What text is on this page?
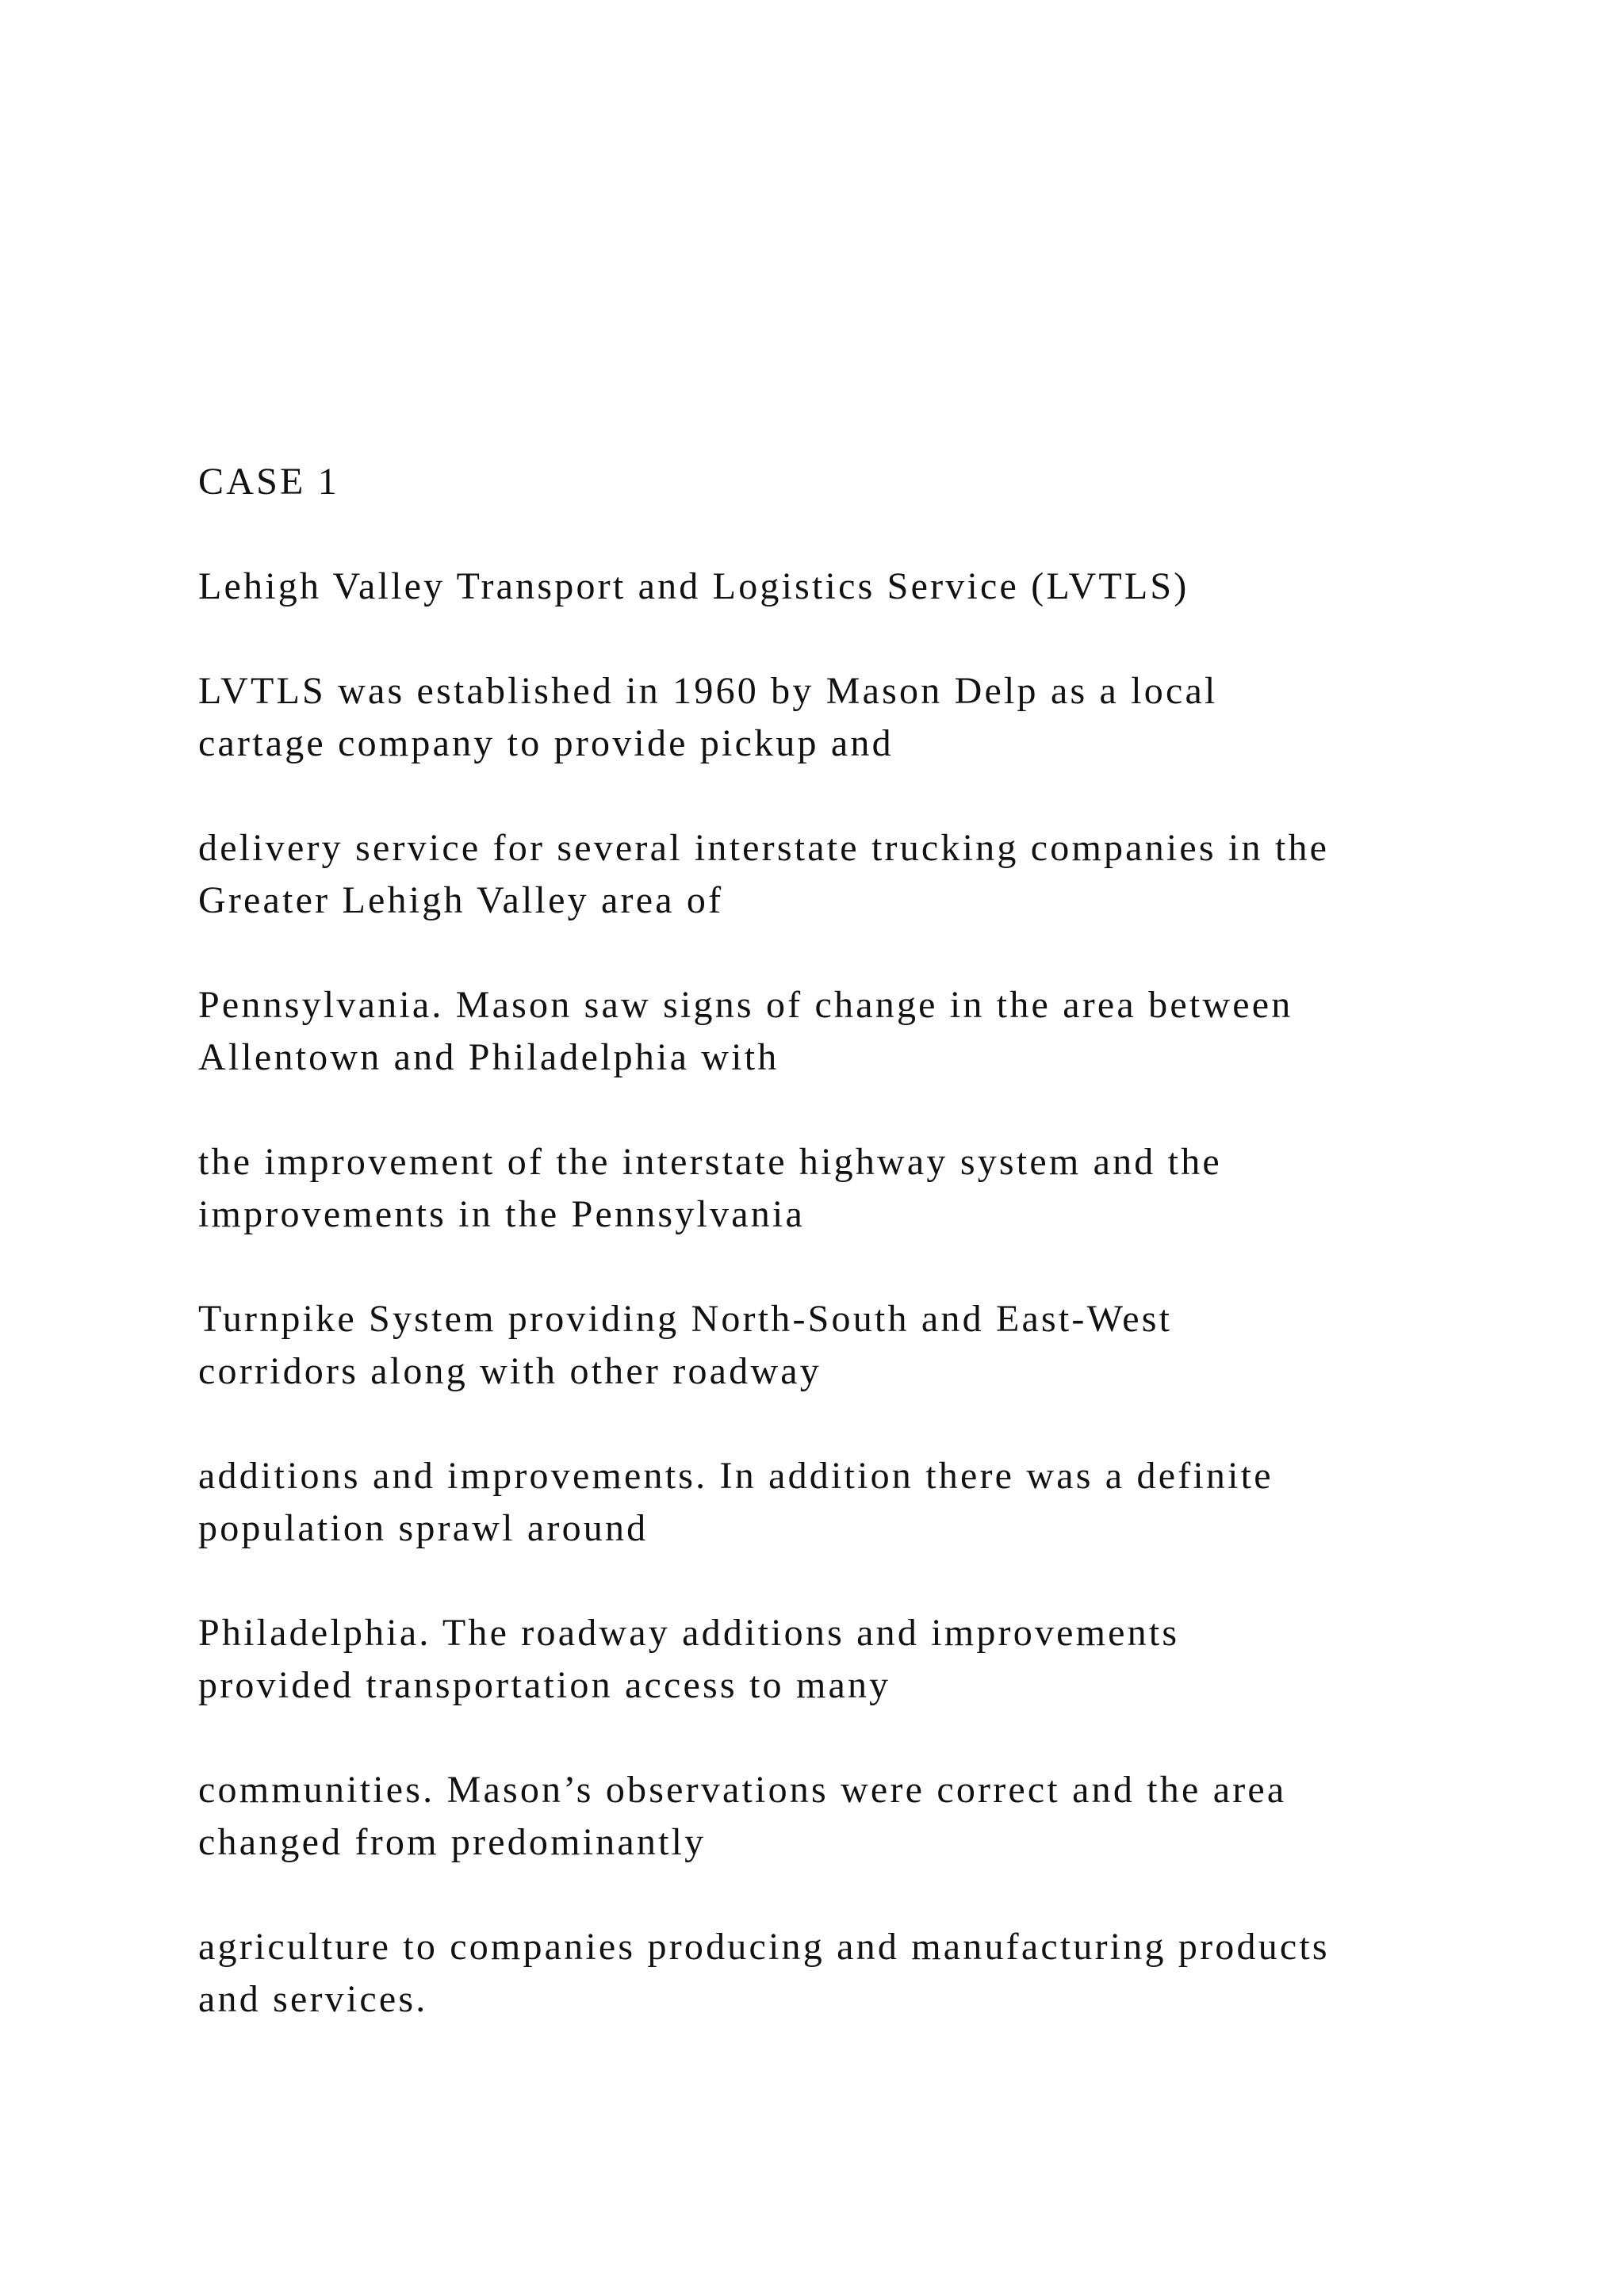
CASE 1

Lehigh Valley Transport and Logistics Service (LVTLS)

LVTLS was established in 1960 by Mason Delp as a local
cartage company to provide pickup and

delivery service for several interstate trucking companies in the
Greater Lehigh Valley area of

Pennsylvania. Mason saw signs of change in the area between
Allentown and Philadelphia with

the improvement of the interstate highway system and the
improvements in the Pennsylvania

Turnpike System providing North-South and East-West
corridors along with other roadway

additions and improvements. In addition there was a definite
population sprawl around

Philadelphia. The roadway additions and improvements
provided transportation access to many

communities. Mason’s observations were correct and the area
changed from predominantly

agriculture to companies producing and manufacturing products
and services.
